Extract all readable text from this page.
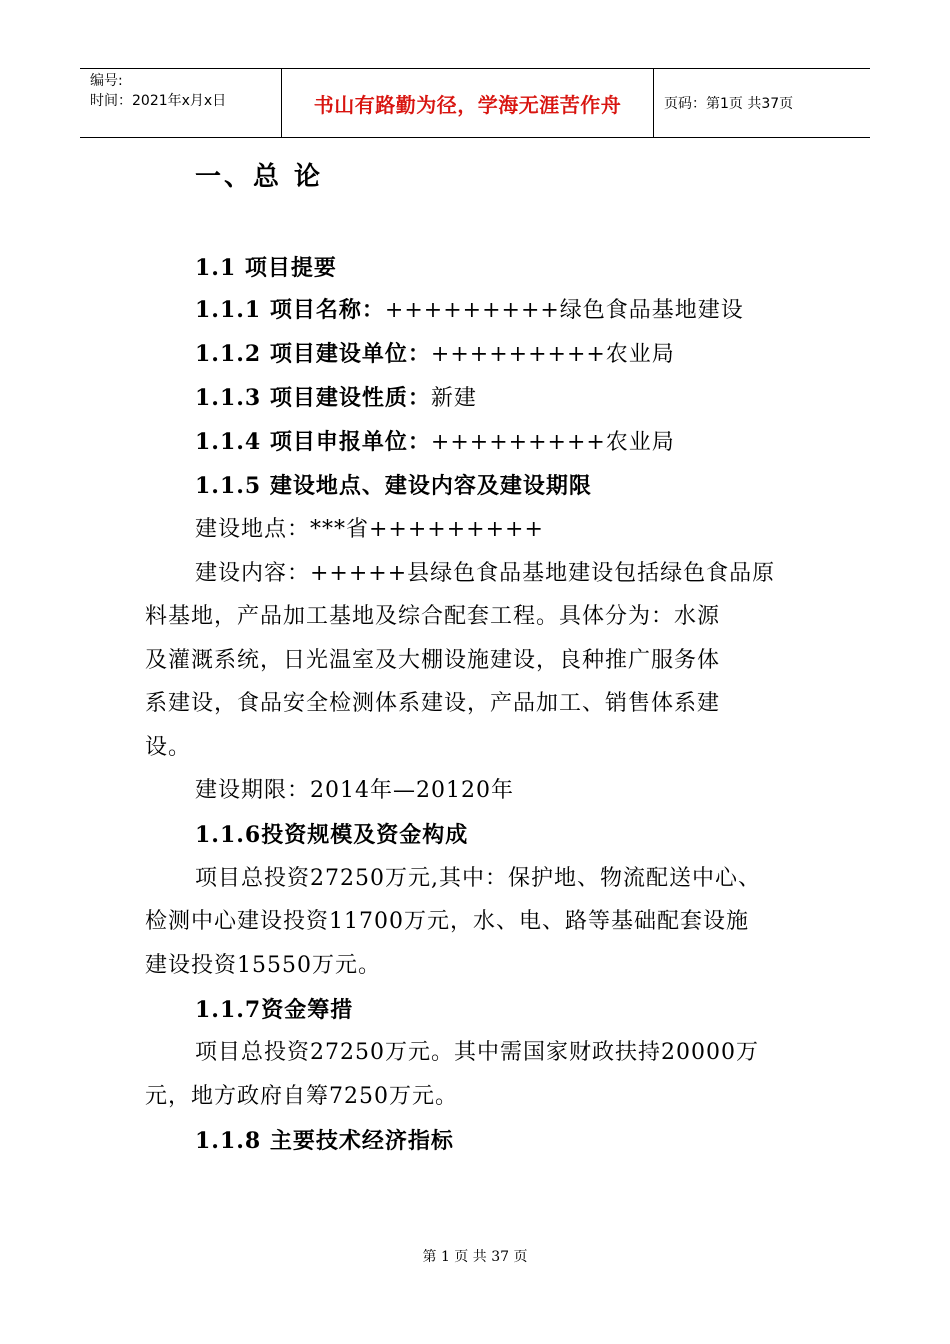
编号:
时间：2021年x月x日	书山有路勤为径，学海无涯苦作舟	页码：第1页 共37页
一、总 论
1.1 项目提要
1.1.1 项目名称：+++++++++绿色食品基地建设
1.1.2 项目建设单位：+++++++++农业局
1.1.3 项目建设性质：新建
1.1.4 项目申报单位：+++++++++农业局
1.1.5 建设地点、建设内容及建设期限
建设地点：***省+++++++++
建设内容：+++++县绿色食品基地建设包括绿色食品原
料基地，产品加工基地及综合配套工程。具体分为：水源
及灌溉系统，日光温室及大棚设施建设，良种推广服务体
系建设，食品安全检测体系建设，产品加工、销售体系建
设。
建设期限：2014年—20120年
1.1.6投资规模及资金构成
项目总投资27250万元,其中：保护地、物流配送中心、
检测中心建设投资11700万元，水、电、路等基础配套设施
建设投资15550万元。
1.1.7资金筹措
项目总投资27250万元。其中需国家财政扶持20000万
元，地方政府自筹7250万元。
1.1.8 主要技术经济指标
第 1 页 共 37 页
